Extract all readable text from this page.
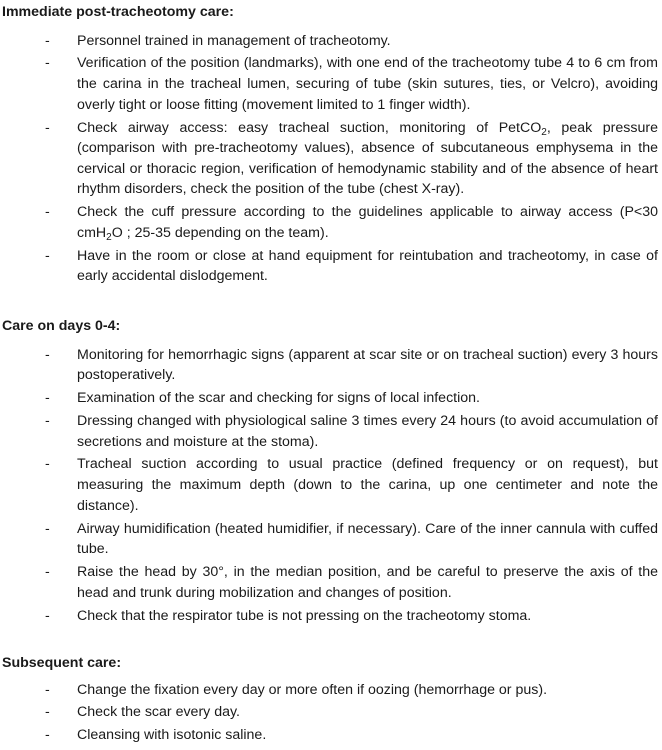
Immediate post-tracheotomy care:
- Personnel trained in management of tracheotomy.
- Verification of the position (landmarks), with one end of the tracheotomy tube 4 to 6 cm from the carina in the tracheal lumen, securing of tube (skin sutures, ties, or Velcro), avoiding overly tight or loose fitting (movement limited to 1 finger width).
- Check airway access: easy tracheal suction, monitoring of PetCO$_2$, peak pressure (comparison with pre-tracheotomy values), absence of subcutaneous emphysema in the cervical or thoracic region, verification of hemodynamic stability and of the absence of heart rhythm disorders, check the position of the tube (chest X-ray).
- Check the cuff pressure according to the guidelines applicable to airway access (P<30 cmH$_2$O ; 25-35 depending on the team).
- Have in the room or close at hand equipment for reintubation and tracheotomy, in case of early accidental dislodgement.
Care on days 0-4:
- Monitoring for hemorrhagic signs (apparent at scar site or on tracheal suction) every 3 hours postoperatively.
- Examination of the scar and checking for signs of local infection.
- Dressing changed with physiological saline 3 times every 24 hours (to avoid accumulation of secretions and moisture at the stoma).
- Tracheal suction according to usual practice (defined frequency or on request), but measuring the maximum depth (down to the carina, up one centimeter and note the distance).
- Airway humidification (heated humidifier, if necessary). Care of the inner cannula with cuffed tube.
- Raise the head by 30°, in the median position, and be careful to preserve the axis of the head and trunk during mobilization and changes of position.
- Check that the respirator tube is not pressing on the tracheotomy stoma.
Subsequent care:
- Change the fixation every day or more often if oozing (hemorrhage or pus).
- Check the scar every day.
- Cleansing with isotonic saline.
